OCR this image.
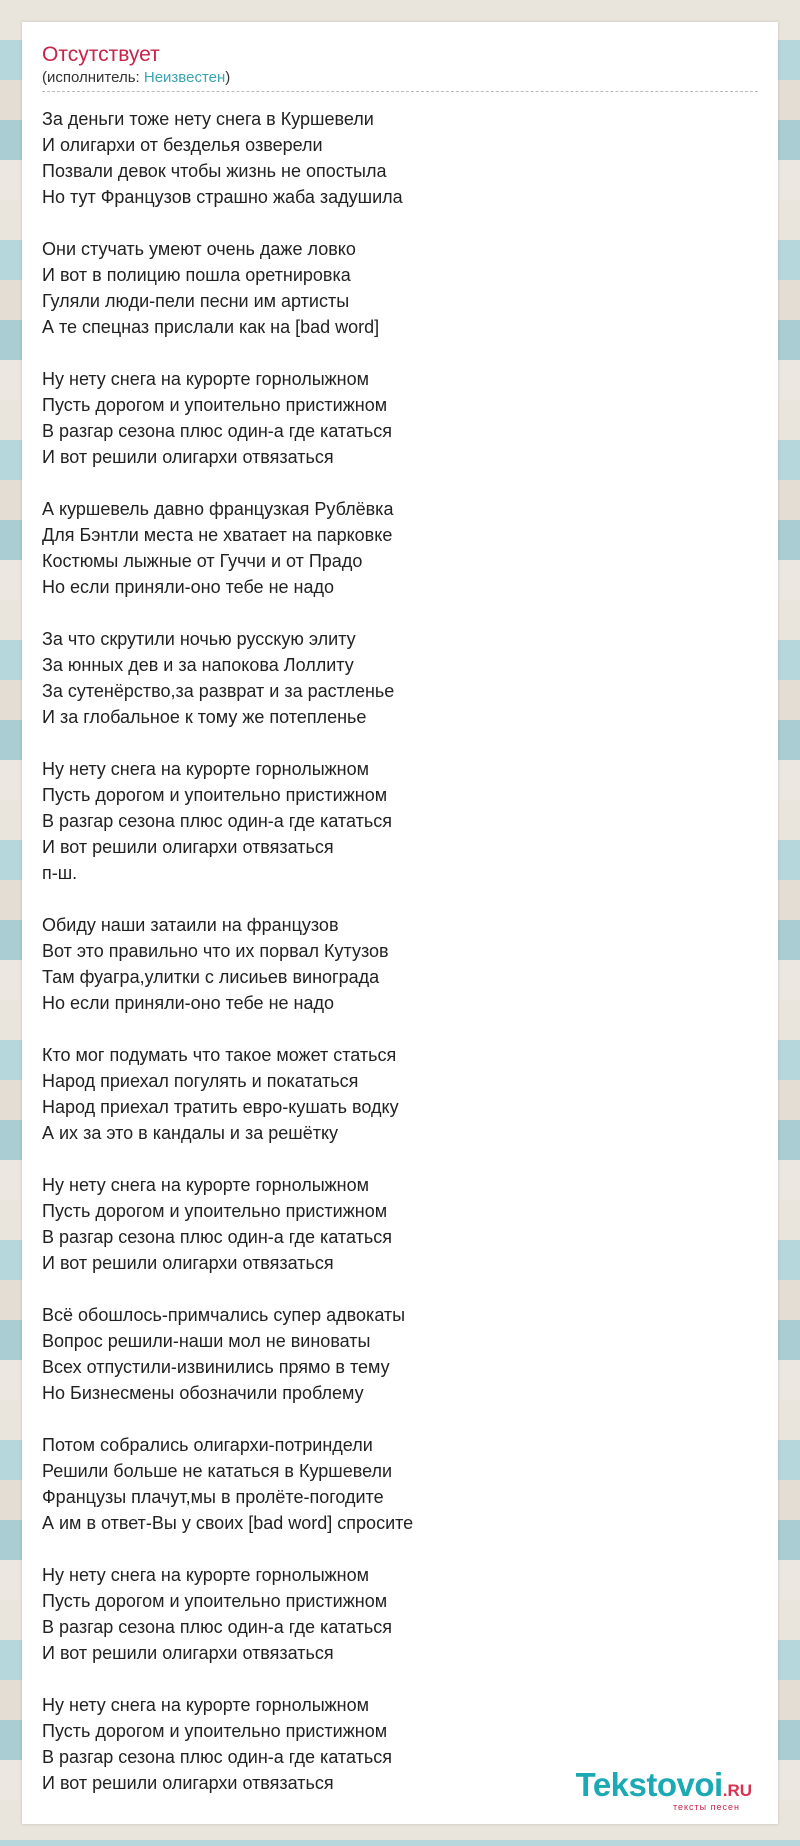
Отсутствует
(исполнитель: Неизвестен)
За деньги тоже нету снега в Куршевели
И олигархи от безделья озверели
Позвали девок чтобы жизнь не опостыла
Но тут Французов страшно жаба задушила
Они стучать умеют очень даже ловко
И вот в полицию пошла оретнировка
Гуляли люди-пели песни им артисты
А те спецназ прислали как на [bad word]
Ну нету снега на курорте горнолыжном
Пусть дорогом и упоительно пристижном
В разгар сезона плюс один-а где кататься
И вот решили олигархи отвязаться
А куршевель давно французкая Рублёвка
Для Бэнтли места не хватает на парковке
Костюмы лыжные от Гуччи и от Прадо
Но если приняли-оно тебе не надо
За что скрутили ночью русскую элиту
За юнных дев и за напокова Лоллиту
За сутенёрство,за разврат и за растленье
И за глобальное к тому же потепленье
Ну нету снега на курорте горнолыжном
Пусть дорогом и упоительно пристижном
В разгар сезона плюс один-а где кататься
И вот решили олигархи отвязаться
п-ш.
Обиду наши затаили на французов
Вот это правильно что их порвал Кутузов
Там фуагра,улитки с лисиьев винограда
Но если приняли-оно тебе не надо
Кто мог подумать что такое может статься
Народ приехал погулять и покататься
Народ приехал тратить евро-кушать водку
А их за это в кандалы и за решётку
Ну нету снега на курорте горнолыжном
Пусть дорогом и упоительно пристижном
В разгар сезона плюс один-а где кататься
И вот решили олигархи отвязаться
Всё обошлось-примчались супер адвокаты
Вопрос решили-наши мол не виноваты
Всех отпустили-извинились прямо в тему
Но Бизнесмены обозначили проблему
Потом собрались олигархи-потриндели
Решили больше не кататься в Куршевели
Французы плачут,мы в пролёте-погодите
А им в ответ-Вы у своих [bad word] спросите
Ну нету снега на курорте горнолыжном
Пусть дорогом и упоительно пристижном
В разгар сезона плюс один-а где кататься
И вот решили олигархи отвязаться
Ну нету снега на курорте горнолыжном
Пусть дорогом и упоительно пристижном
В разгар сезона плюс один-а где кататься
И вот решили олигархи отвязаться	Tekstovoi.RU
тексты песен
